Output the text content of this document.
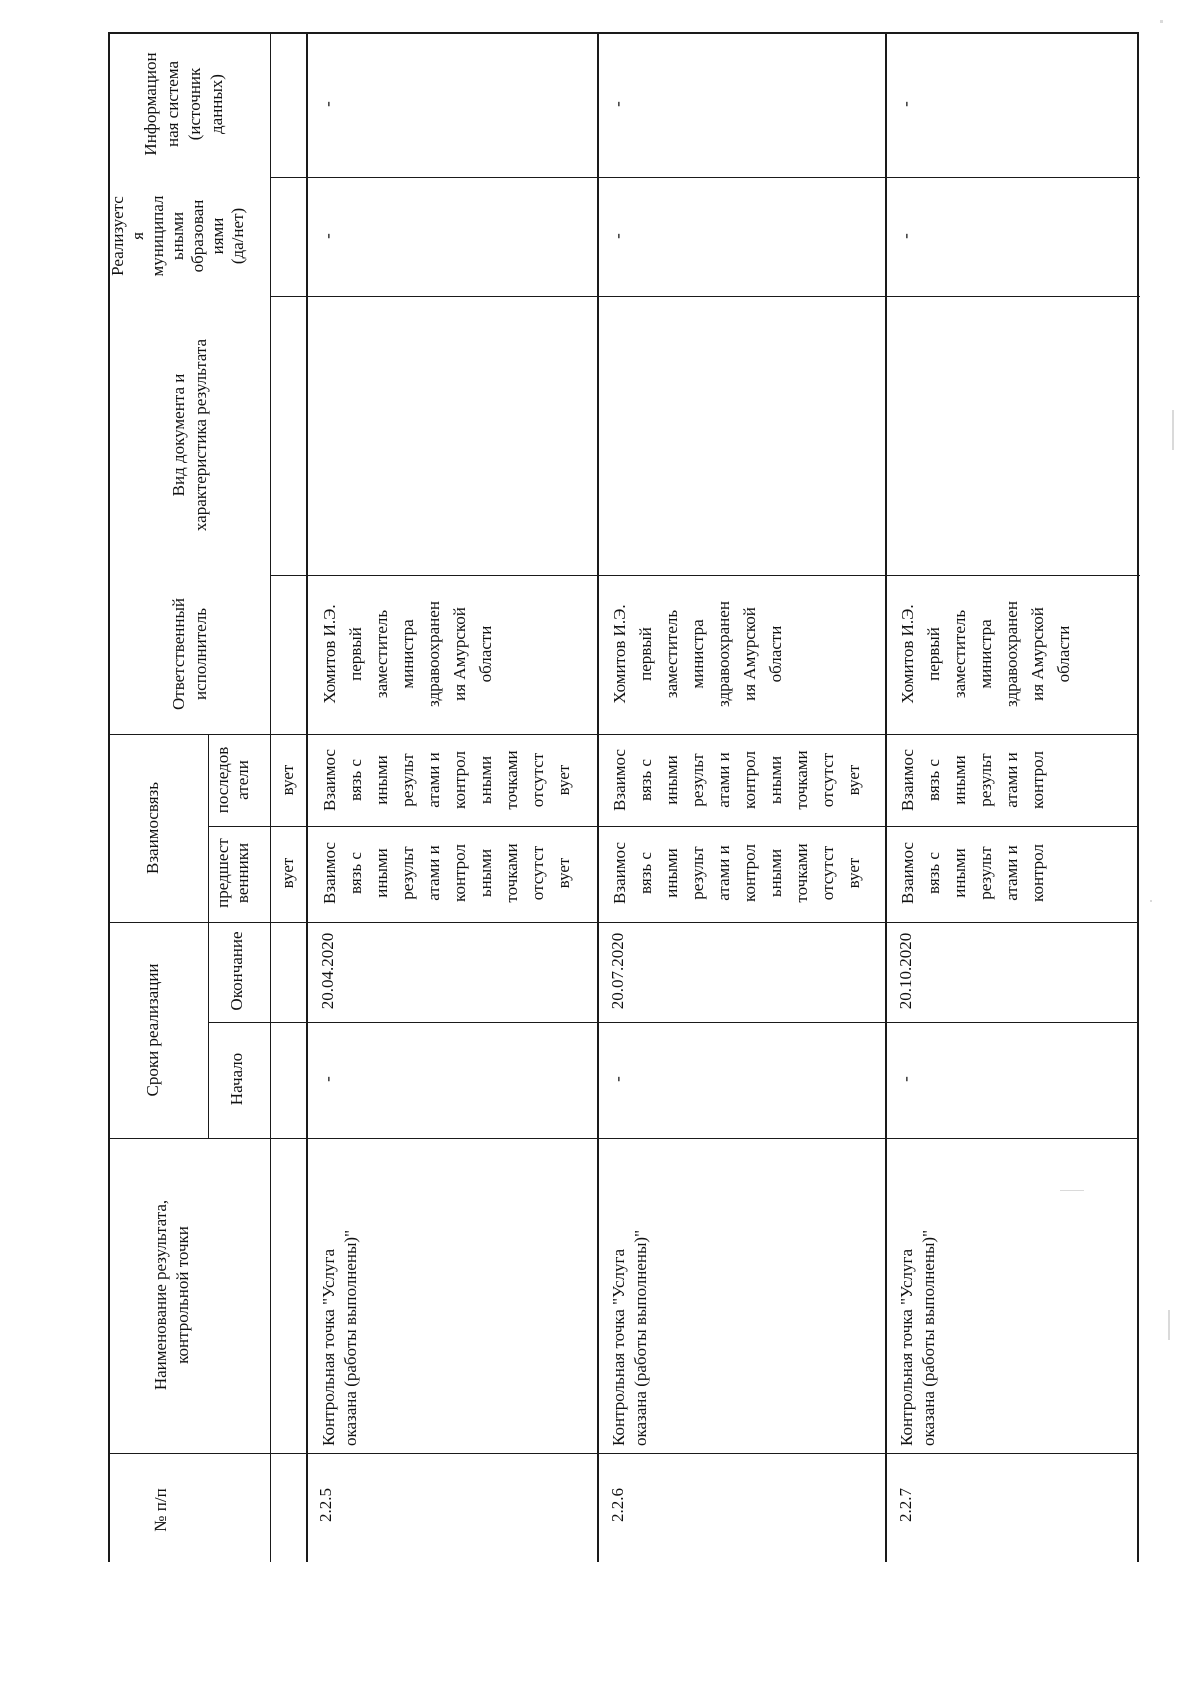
№ п/п
Наименование результата,
контрольной точки
Сроки реализации	Начало
Окончание
Взаимосвязь	предшест
венники
последов
атели
Ответственный
исполнитель
Вид документа и
характеристика результата
Реализуетс
я
муниципал
ьными
образован
иями
(да/нет)
Информацион
ная система
(источник
данных)
вует
вует
2.2.5
Контрольная точка "Услуга
оказана (работы выполнены)"
-
20.04.2020
Взаимос
вязь с
иными
результ
атами и
контрол
ьными
точками
отсутст
вует
Взаимос
вязь с
иными
результ
атами и
контрол
ьными
точками
отсутст
вует
Хомитов И.Э.
первый
заместитель
министра
здравоохранен
ия Амурской
области
-
-
2.2.6
Контрольная точка "Услуга
оказана (работы выполнены)"
-
20.07.2020
Взаимос
вязь с
иными
результ
атами и
контрол
ьными
точками
отсутст
вует
Взаимос
вязь с
иными
результ
атами и
контрол
ьными
точками
отсутст
вует
Хомитов И.Э.
первый
заместитель
министра
здравоохранен
ия Амурской
области
-
-
2.2.7
Контрольная точка "Услуга
оказана (работы выполнены)"
-
20.10.2020
Взаимос
вязь с
иными
результ
атами и
контрол
Взаимос
вязь с
иными
результ
атами и
контрол
Хомитов И.Э.
первый
заместитель
министра
здравоохранен
ия Амурской
области
-
-
